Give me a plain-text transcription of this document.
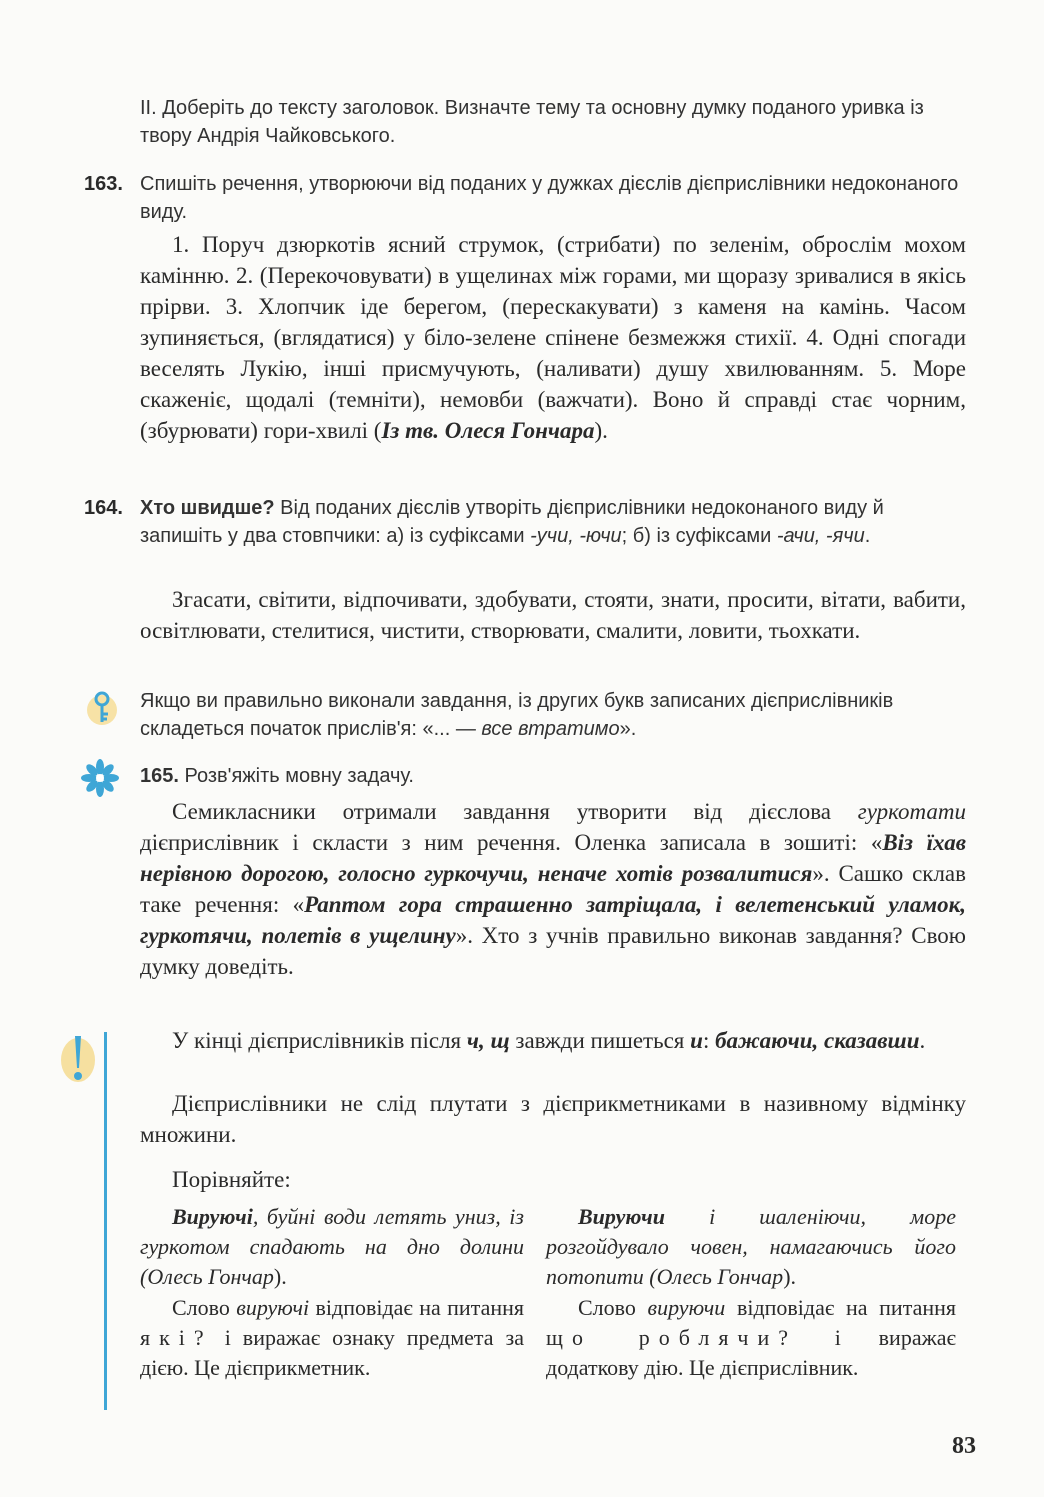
ІІ. Доберіть до тексту заголовок. Визначте тему та основну думку поданого уривка із твору Андрія Чайковського.
163. Спишіть речення, утворюючи від поданих у дужках дієслів дієприслівники недоконаного виду.
1. Поруч дзюркотів ясний струмок, (стрибати) по зеленім, оброслім мохом камінню. 2. (Перекочовувати) в ущелинах між горами, ми щоразу зривалися в якісь прірви. 3. Хлопчик іде берегом, (перескакувати) з каменя на камінь. Часом зупиняється, (вглядатися) у біло-зелене спінене безмежжя стихії. 4. Одні спогади веселять Лукію, інші присмучують, (наливати) душу хвилюванням. 5. Море скаженіє, щодалі (темніти), немовби (важчати). Воно й справді стає чорним, (збурювати) гори-хвилі (Із тв. Олеся Гончара).
164. Хто швидше? Від поданих дієслів утворіть дієприслівники недоконаного виду й запишіть у два стовпчики: а) із суфіксами -учи, -ючи; б) із суфіксами -ачи, -ячи.
Згасати, світити, відпочивати, здобувати, стояти, знати, просити, вітати, вабити, освітлювати, стелитися, чистити, створювати, смалити, ловити, тьохкати.
Якщо ви правильно виконали завдання, із других букв записаних дієприслівників складеться початок прислів'я: «... — все втратимо».
165. Розв'яжіть мовну задачу.
Семикласники отримали завдання утворити від дієслова гуркотати дієприслівник і скласти з ним речення. Оленка записала в зошиті: «Віз їхав нерівною дорогою, голосно гуркочучи, неначе хотів розвалитися». Сашко склав таке речення: «Раптом гора страшенно затріщала, і велетенський уламок, гуркотячи, полетів в ущелину». Хто з учнів правильно виконав завдання? Свою думку доведіть.
У кінці дієприслівників після ч, щ завжди пишеться и: бажаючи, сказавши.
Дієприслівники не слід плутати з дієприкметниками в називному відмінку множини.
Порівняйте:
Вируючі, буйні води летять униз, із гуркотом спадають на дно долини (Олесь Гончар).
Слово вируючі відповідає на питання які? і виражає ознаку предмета за дією. Це дієприкметник.
Вируючи і шаленіючи, море розгойдувало човен, намагаючись його потопити (Олесь Гончар).
Слово вируючи відповідає на питання що роблячи? і виражає додаткову дію. Це дієприслівник.
83
